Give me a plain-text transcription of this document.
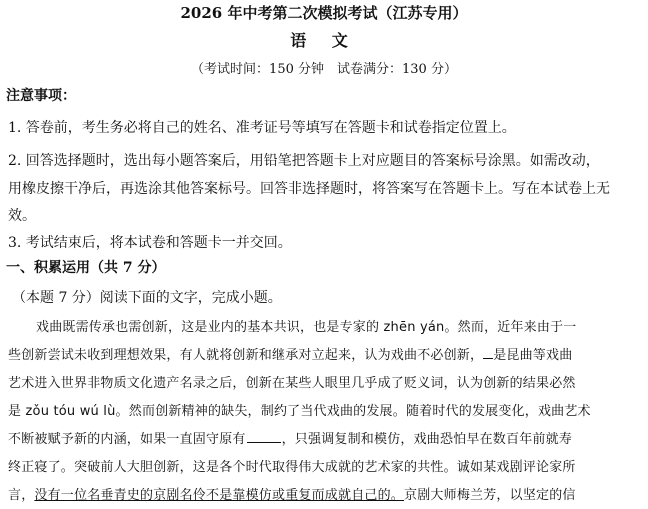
2026 年中考第二次模拟考试（江苏专用）
语 文
（考试时间：150 分钟　试卷满分：130 分）
注意事项：
1. 答卷前，考生务必将自己的姓名、准考证号等填写在答题卡和试卷指定位置上。
2. 回答选择题时，选出每小题答案后，用铅笔把答题卡上对应题目的答案标号涂黑。如需改动，
用橡皮擦干净后，再选涂其他答案标号。回答非选择题时，将答案写在答题卡上。写在本试卷上无
效。
3. 考试结束后，将本试卷和答题卡一并交回。
一、积累运用（共 7 分）
（本题 7 分）阅读下面的文字，完成小题。
戏曲既需传承也需创新，这是业内的基本共识，也是专家的 zhēn yán。然而，近年来由于一
些创新尝试未收到理想效果，有人就将创新和继承对立起来，认为戏曲不必创新， 是昆曲等戏曲
艺术进入世界非物质文化遗产名录之后，创新在某些人眼里几乎成了贬义词，认为创新的结果必然
是 zǒu tóu wú lù。然而创新精神的缺失，制约了当代戏曲的发展。随着时代的发展变化，戏曲艺术
不断被赋予新的内涵，如果一直固守原有	，只强调复制和模仿，戏曲恐怕早在数百年前就寿
终正寝了。突破前人大胆创新，这是各个时代取得伟大成就的艺术家的共性。诚如某戏剧评论家所
言，没有一位名垂青史的京剧名伶不是靠模仿或重复而成就自己的。京剧大师梅兰芳，以坚定的信
